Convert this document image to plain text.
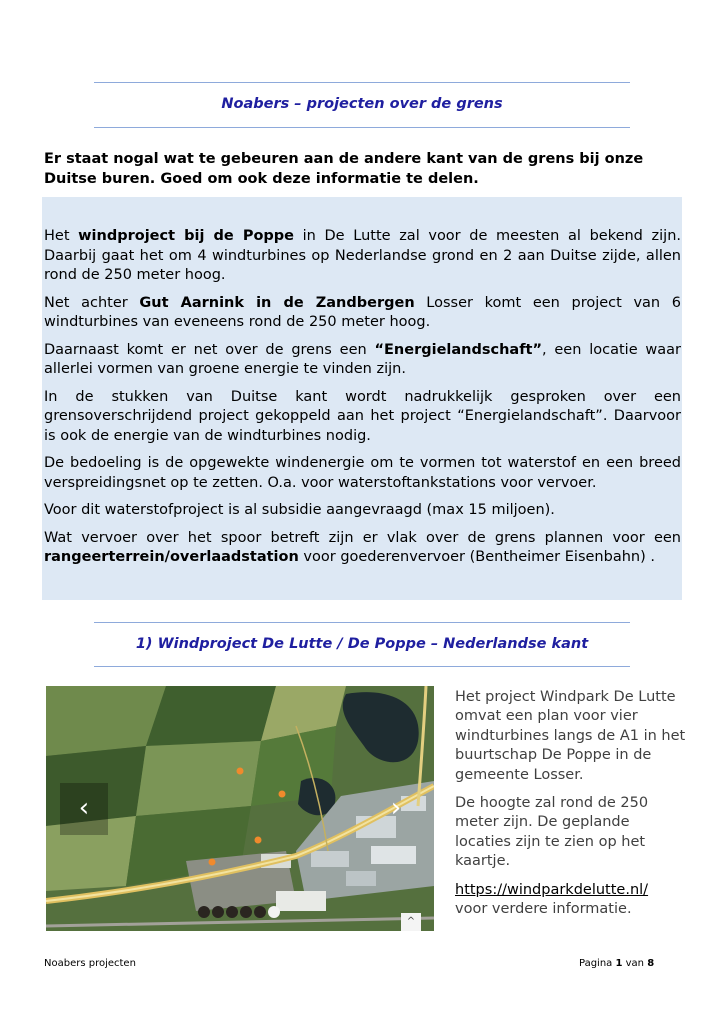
Noabers – projecten over de grens
Er staat nogal wat te gebeuren aan de andere kant van de grens bij onze Duitse buren. Goed om ook deze informatie te delen.

Het windproject bij de Poppe in De Lutte zal voor de meesten al bekend zijn. Daarbij gaat het om 4 windturbines op Nederlandse grond en 2 aan Duitse zijde, allen rond de 250 meter hoog.

Net achter Gut Aarnink in de Zandbergen Losser komt een project van 6 windturbines van eveneens rond de 250 meter hoog.

Daarnaast komt er net over de grens een “Energielandschaft”, een locatie waar allerlei vormen van groene energie te vinden zijn.

In de stukken van Duitse kant wordt nadrukkelijk gesproken over een grensoverschrijdend project gekoppeld aan het project “Energielandschaft”. Daarvoor is ook de energie van de windturbines nodig.

De bedoeling is de opgewekte windenergie om te vormen tot waterstof en een breed verspreidingsnet op te zetten. O.a. voor waterstoftankstations voor vervoer.

Voor dit waterstofproject is al subsidie aangevraagd (max 15 miljoen).

Wat vervoer over het spoor betreft zijn er vlak over de grens plannen voor een rangeerterrein/overlaadstation voor goederenvervoer (Bentheimer Eisenbahn) .

1) Windproject De Lutte / De Poppe – Nederlandse kant
‹	›
^

Het project Windpark De Lutte omvat een plan voor vier windturbines langs de A1 in het buurtschap De Poppe in de gemeente Losser.

De hoogte zal rond de 250 meter zijn. De geplande locaties zijn te zien op het kaartje.

https://windparkdelutte.nl/

voor verdere informatie.

Noabers projecten	Pagina 1 van 8
